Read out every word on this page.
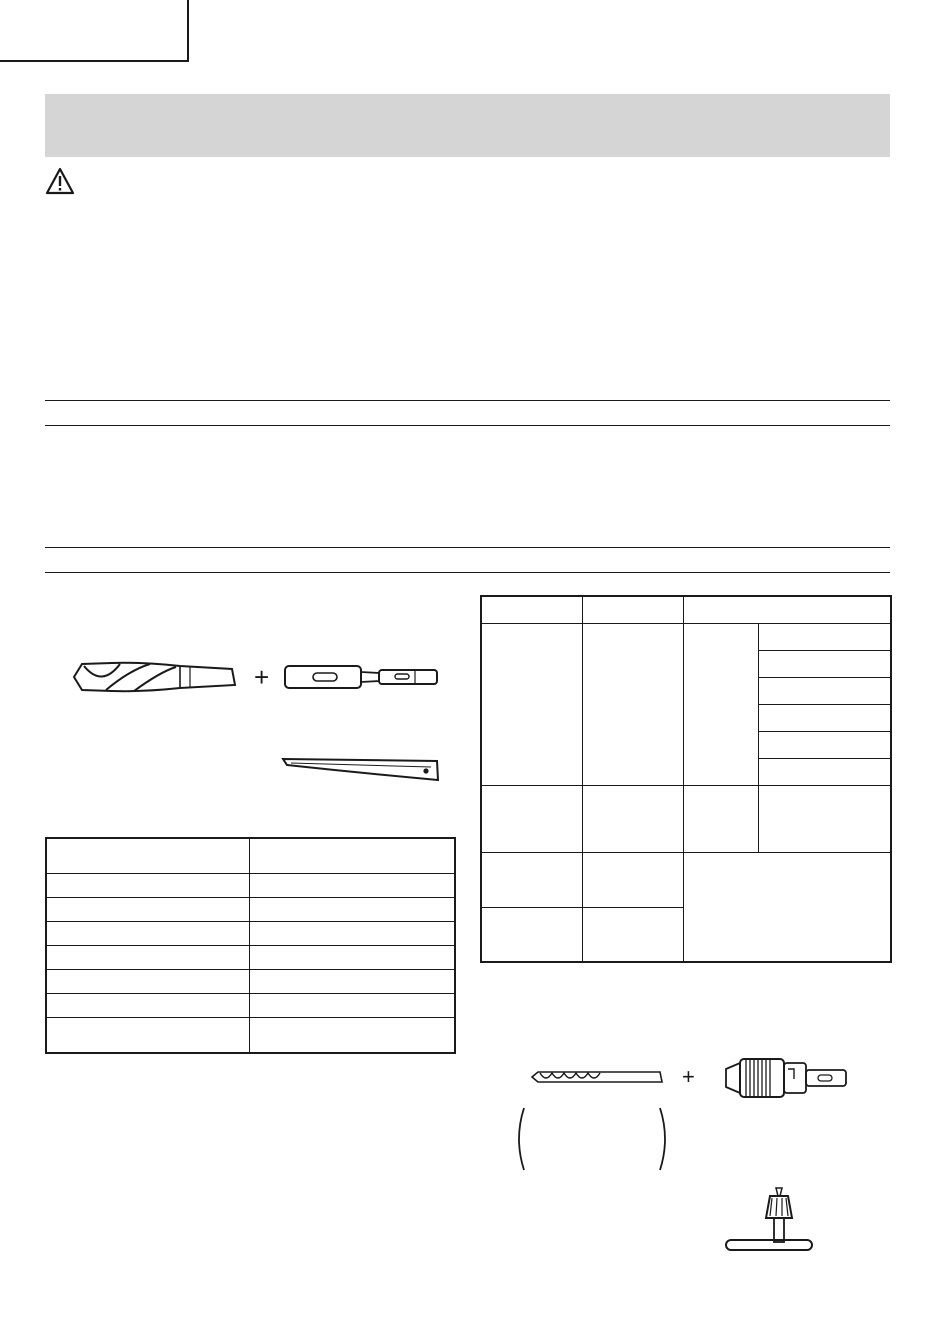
+

+
